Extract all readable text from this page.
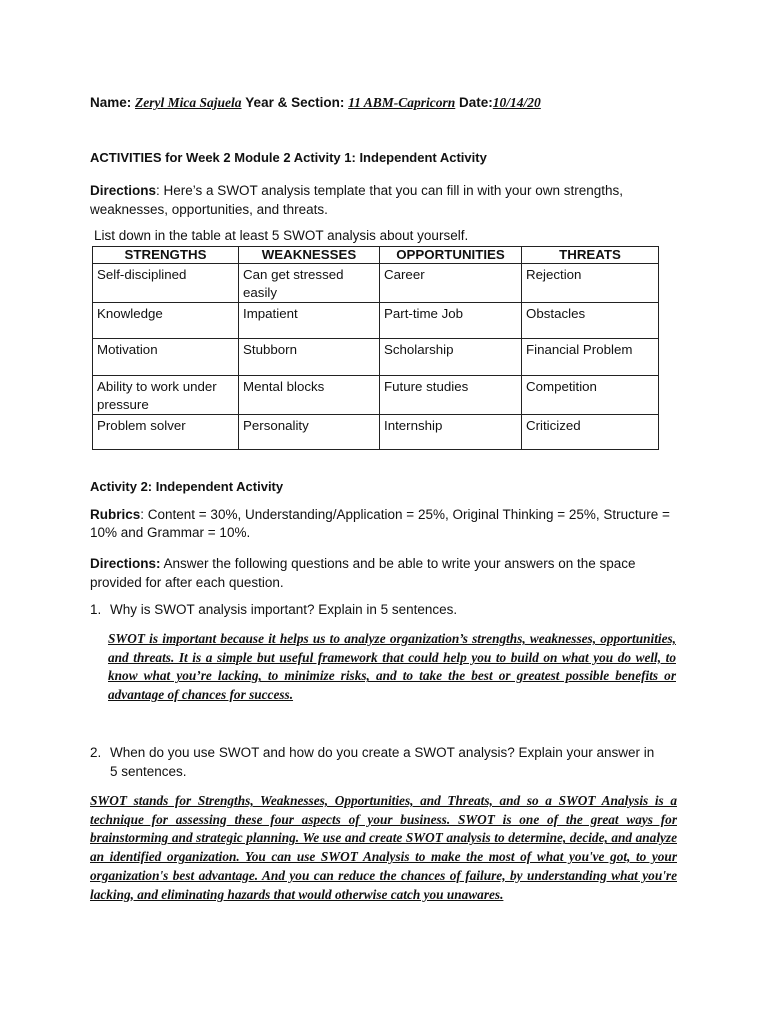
Name: Zeryl Mica Sajuela Year & Section: 11 ABM-Capricorn Date:10/14/20
ACTIVITIES for Week 2 Module 2 Activity 1: Independent Activity
Directions: Here’s a SWOT analysis template that you can fill in with your own strengths, weaknesses, opportunities, and threats.
List down in the table at least 5 SWOT analysis about yourself.
STRENGTHS	WEAKNESSES	OPPORTUNITIES	THREATS
Self-disciplined	Can get stressed easily	Career	Rejection
Knowledge	Impatient	Part-time Job	Obstacles
Motivation	Stubborn	Scholarship	Financial Problem
Ability to work under pressure	Mental blocks	Future studies	Competition
Problem solver	Personality	Internship	Criticized
Activity 2: Independent Activity
Rubrics: Content = 30%, Understanding/Application = 25%, Original Thinking = 25%, Structure = 10% and Grammar = 10%.
Directions: Answer the following questions and be able to write your answers on the space provided for after each question.
1. Why is SWOT analysis important? Explain in 5 sentences.
SWOT is important because it helps us to analyze organization’s strengths, weaknesses, opportunities, and threats. It is a simple but useful framework that could help you to build on what you do well, to know what you’re lacking, to minimize risks, and to take the best or greatest possible benefits or advantage of chances for success.
2. When do you use SWOT and how do you create a SWOT analysis? Explain your answer in
5 sentences.
SWOT stands for Strengths, Weaknesses, Opportunities, and Threats, and so a SWOT Analysis is a technique for assessing these four aspects of your business. SWOT is one of the great ways for brainstorming and strategic planning. We use and create SWOT analysis to determine, decide, and analyze an identified organization. You can use SWOT Analysis to make the most of what you've got, to your organization's best advantage. And you can reduce the chances of failure, by understanding what you're lacking, and eliminating hazards that would otherwise catch you unawares.
